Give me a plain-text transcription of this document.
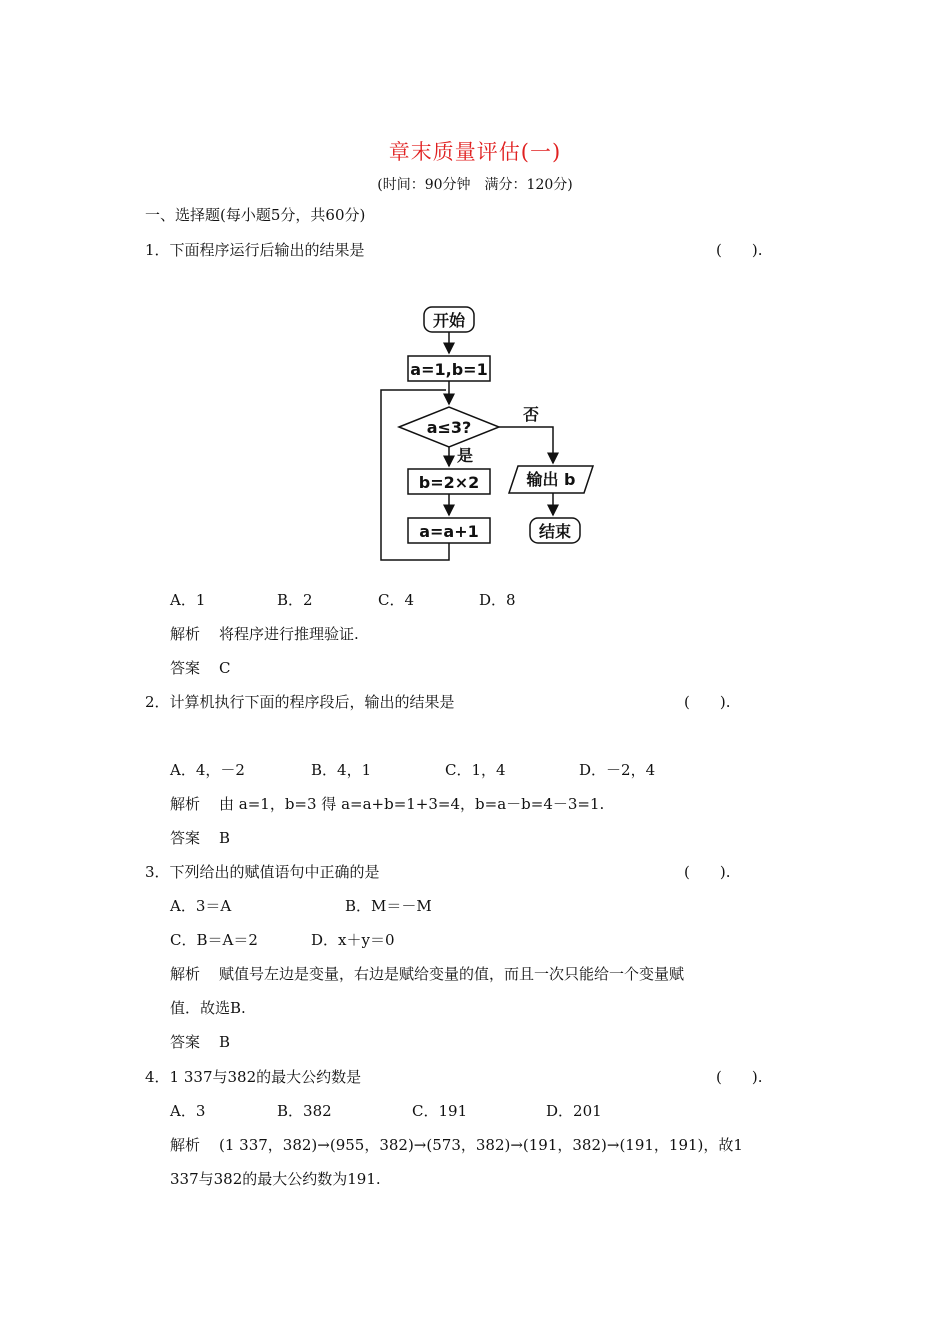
章末质量评估(一)
(时间：90分钟　满分：120分)
一、选择题(每小题5分，共60分)
1．下面程序运行后输出的结果是	(　　).
开始
a=1,b=1
a≤3?
否
是
b=2×2
a=a+1
输出 b
结束
A．1	B．2	C．4	D．8
解析 将程序进行推理验证.
答案 C
2．计算机执行下面的程序段后，输出的结果是	(　　).
A．4，－2	B．4，1	C．1，4	D．－2，4
解析 由 a=1，b=3 得 a=a+b=1+3=4，b=a－b=4－3=1.
答案 B
3．下列给出的赋值语句中正确的是	(　　).
A．3＝A	B．M＝－M
C．B＝A＝2	D．x＋y＝0
解析 赋值号左边是变量，右边是赋给变量的值，而且一次只能给一个变量赋
值．故选B.
答案 B
4．1 337与382的最大公约数是	(　　).
A．3	B．382	C．191	D．201
解析 (1 337，382)→(955，382)→(573，382)→(191，382)→(191，191)，故1
337与382的最大公约数为191.
